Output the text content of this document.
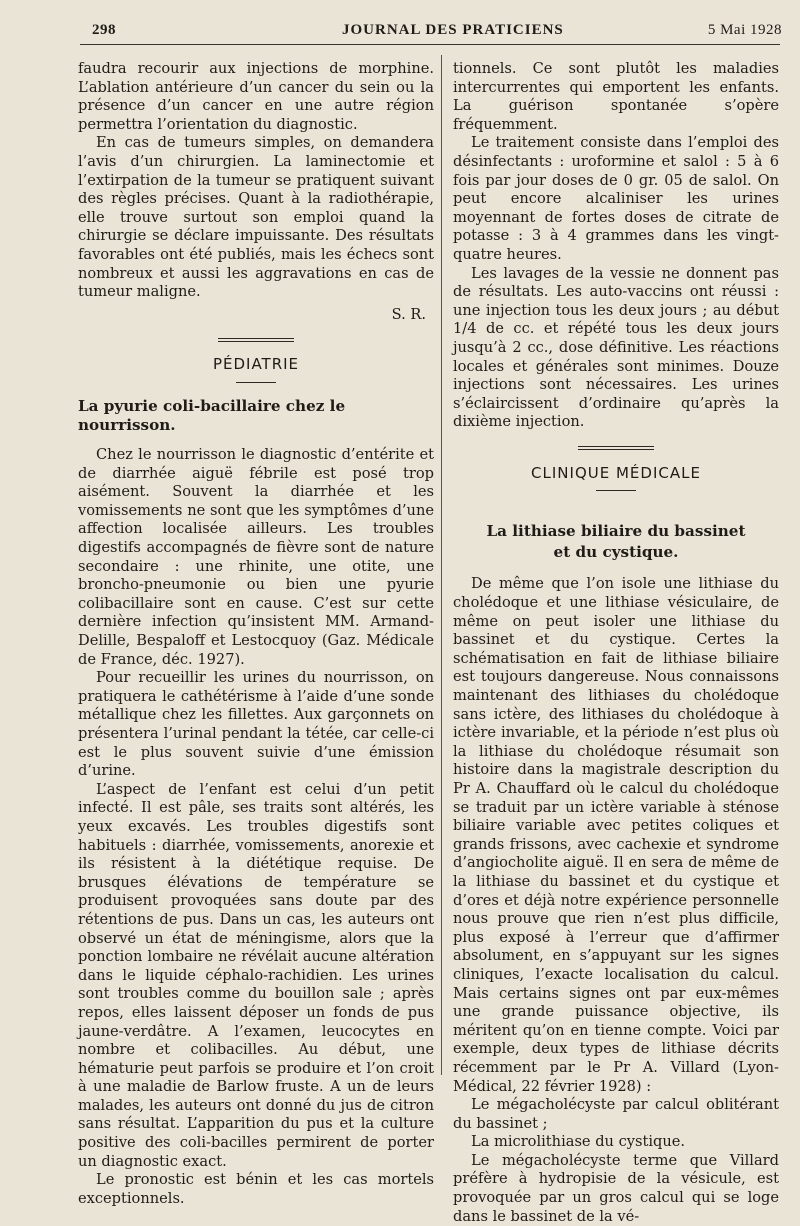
298	JOURNAL DES PRATICIENS	5 Mai 1928

faudra recourir aux injections de morphine. L’ablation antérieure d’un cancer du sein ou la présence d’un cancer en une autre région permettra l’orientation du diagnostic.

En cas de tumeurs simples, on demandera l’avis d’un chirurgien. La laminectomie et l’extirpation de la tumeur se pratiquent suivant des règles précises. Quant à la radiothérapie, elle trouve surtout son emploi quand la chirurgie se déclare impuissante. Des résultats favorables ont été publiés, mais les échecs sont nombreux et aussi les aggravations en cas de tumeur maligne.

S. R.
PÉDIATRIE
La pyurie coli-bacillaire chez le nourrisson.

Chez le nourrisson le diagnostic d’entérite et de diarrhée aiguë fébrile est posé trop aisément. Souvent la diarrhée et les vomissements ne sont que les symptômes d’une affection localisée ailleurs. Les troubles digestifs accompagnés de fièvre sont de nature secondaire : une rhinite, une otite, une broncho-pneumonie ou bien une pyurie colibacillaire sont en cause. C’est sur cette dernière infection qu’insistent MM. Armand-Delille, Bespaloff et Lestocquoy (Gaz. Médicale de France, déc. 1927).

Pour recueillir les urines du nourrisson, on pratiquera le cathétérisme à l’aide d’une sonde métallique chez les fillettes. Aux garçonnets on présentera l’urinal pendant la tétée, car celle-ci est le plus souvent suivie d’une émission d’urine.

L’aspect de l’enfant est celui d’un petit infecté. Il est pâle, ses traits sont altérés, les yeux excavés. Les troubles digestifs sont habituels : diarrhée, vomissements, anorexie et ils résistent à la diététique requise. De brusques élévations de température se produisent provoquées sans doute par des rétentions de pus. Dans un cas, les auteurs ont observé un état de méningisme, alors que la ponction lombaire ne révélait aucune altération dans le liquide céphalo-rachidien. Les urines sont troubles comme du bouillon sale ; après repos, elles laissent déposer un fonds de pus jaune-verdâtre. A l’examen, leucocytes en nombre et colibacilles. Au début, une hématurie peut parfois se produire et l’on croit à une maladie de Barlow fruste. A un de leurs malades, les auteurs ont donné du jus de citron sans résultat. L’apparition du pus et la culture positive des coli-bacilles permirent de porter un diagnostic exact.

Le pronostic est bénin et les cas mortels exceptionnels.

tionnels. Ce sont plutôt les maladies intercurrentes qui emportent les enfants. La guérison spontanée s’opère fréquemment.

Le traitement consiste dans l’emploi des désinfectants : uroformine et salol : 5 à 6 fois par jour doses de 0 gr. 05 de salol. On peut encore alcaliniser les urines moyennant de fortes doses de citrate de potasse : 3 à 4 grammes dans les vingt-quatre heures.

Les lavages de la vessie ne donnent pas de résultats. Les auto-vaccins ont réussi : une injection tous les deux jours ; au début 1/4 de cc. et répété tous les deux jours jusqu’à 2 cc., dose définitive. Les réactions locales et générales sont minimes. Douze injections sont nécessaires. Les urines s’éclaircissent d’ordinaire qu’après la dixième injection.

CLINIQUE MÉDICALE
La lithiase biliaire du bassinet
et du cystique.

De même que l’on isole une lithiase du cholédoque et une lithiase vésiculaire, de même on peut isoler une lithiase du bassinet et du cystique. Certes la schématisation en fait de lithiase biliaire est toujours dangereuse. Nous connaissons maintenant des lithiases du cholédoque sans ictère, des lithiases du cholédoque à ictère invariable, et la période n’est plus où la lithiase du cholédoque résumait son histoire dans la magistrale description du Pr A. Chauffard où le calcul du cholédoque se traduit par un ictère variable à sténose biliaire variable avec petites coliques et grands frissons, avec cachexie et syndrome d’angiocholite aiguë. Il en sera de même de la lithiase du bassinet et du cystique et d’ores et déjà notre expérience personnelle nous prouve que rien n’est plus difficile, plus exposé à l’erreur que d’affirmer absolument, en s’appuyant sur les signes cliniques, l’exacte localisation du calcul. Mais certains signes ont par eux-mêmes une grande puissance objective, ils méritent qu’on en tienne compte. Voici par exemple, deux types de lithiase décrits récemment par le Pr A. Villard (Lyon-Médical, 22 février 1928) :

Le mégacholécyste par calcul oblitérant du bassinet ;

La microlithiase du cystique.

Le mégacholécyste terme que Villard préfère à hydropisie de la vésicule, est provoquée par un gros calcul qui se loge dans le bassinet de la vé-
